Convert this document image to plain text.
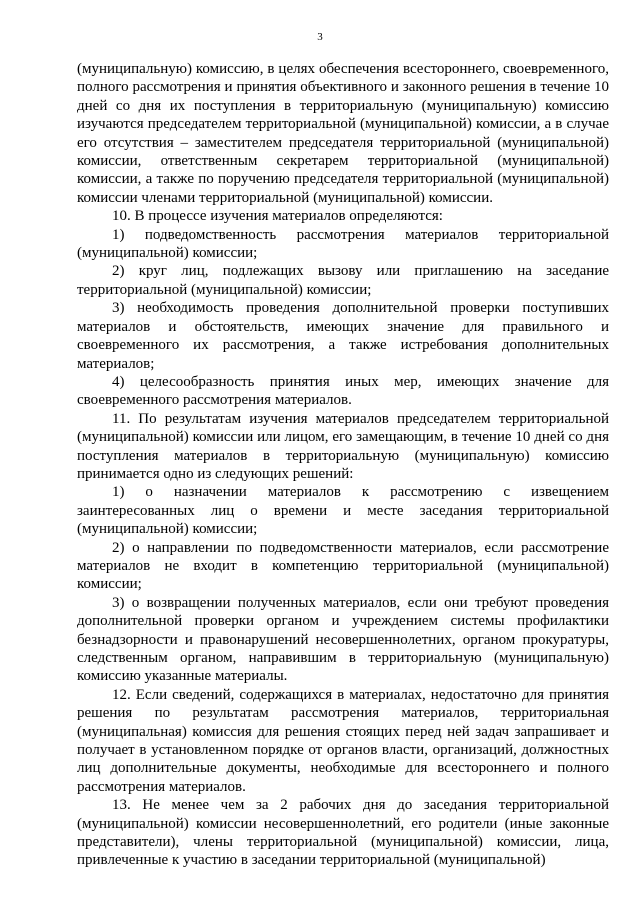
3

(муниципальную) комиссию, в целях обеспечения всестороннего, своевременного, полного рассмотрения и принятия объективного и законного решения в течение 10 дней со дня их поступления в территориальную (муниципальную) комиссию изучаются председателем территориальной (муниципальной) комиссии, а в случае его отсутствия – заместителем председателя территориальной (муниципальной) комиссии, ответственным секретарем территориальной (муниципальной) комиссии, а также по поручению председателя территориальной (муниципальной) комиссии членами территориальной (муниципальной) комиссии.

10. В процессе изучения материалов определяются:

1) подведомственность рассмотрения материалов территориальной (муниципальной) комиссии;

2) круг лиц, подлежащих вызову или приглашению на заседание территориальной (муниципальной) комиссии;

3) необходимость проведения дополнительной проверки поступивших материалов и обстоятельств, имеющих значение для правильного и своевременного их рассмотрения, а также истребования дополнительных материалов;

4) целесообразность принятия иных мер, имеющих значение для своевременного рассмотрения материалов.

11. По результатам изучения материалов председателем территориальной (муниципальной) комиссии или лицом, его замещающим, в течение 10 дней со дня поступления материалов в территориальную (муниципальную) комиссию принимается одно из следующих решений:

1) о назначении материалов к рассмотрению с извещением заинтересованных лиц о времени и месте заседания территориальной (муниципальной) комиссии;

2) о направлении по подведомственности материалов, если рассмотрение материалов не входит в компетенцию территориальной (муниципальной) комиссии;

3) о возвращении полученных материалов, если они требуют проведения дополнительной проверки органом и учреждением системы профилактики безнадзорности и правонарушений несовершеннолетних, органом прокуратуры, следственным органом, направившим в территориальную (муниципальную) комиссию указанные материалы.

12. Если сведений, содержащихся в материалах, недостаточно для принятия решения по результатам рассмотрения материалов, территориальная (муниципальная) комиссия для решения стоящих перед ней задач запрашивает и получает в установленном порядке от органов власти, организаций, должностных лиц дополнительные документы, необходимые для всестороннего и полного рассмотрения материалов.

13. Не менее чем за 2 рабочих дня до заседания территориальной (муниципальной) комиссии несовершеннолетний, его родители (иные законные представители), члены территориальной (муниципальной) комиссии, лица, привлеченные к участию в заседании территориальной (муниципальной)
